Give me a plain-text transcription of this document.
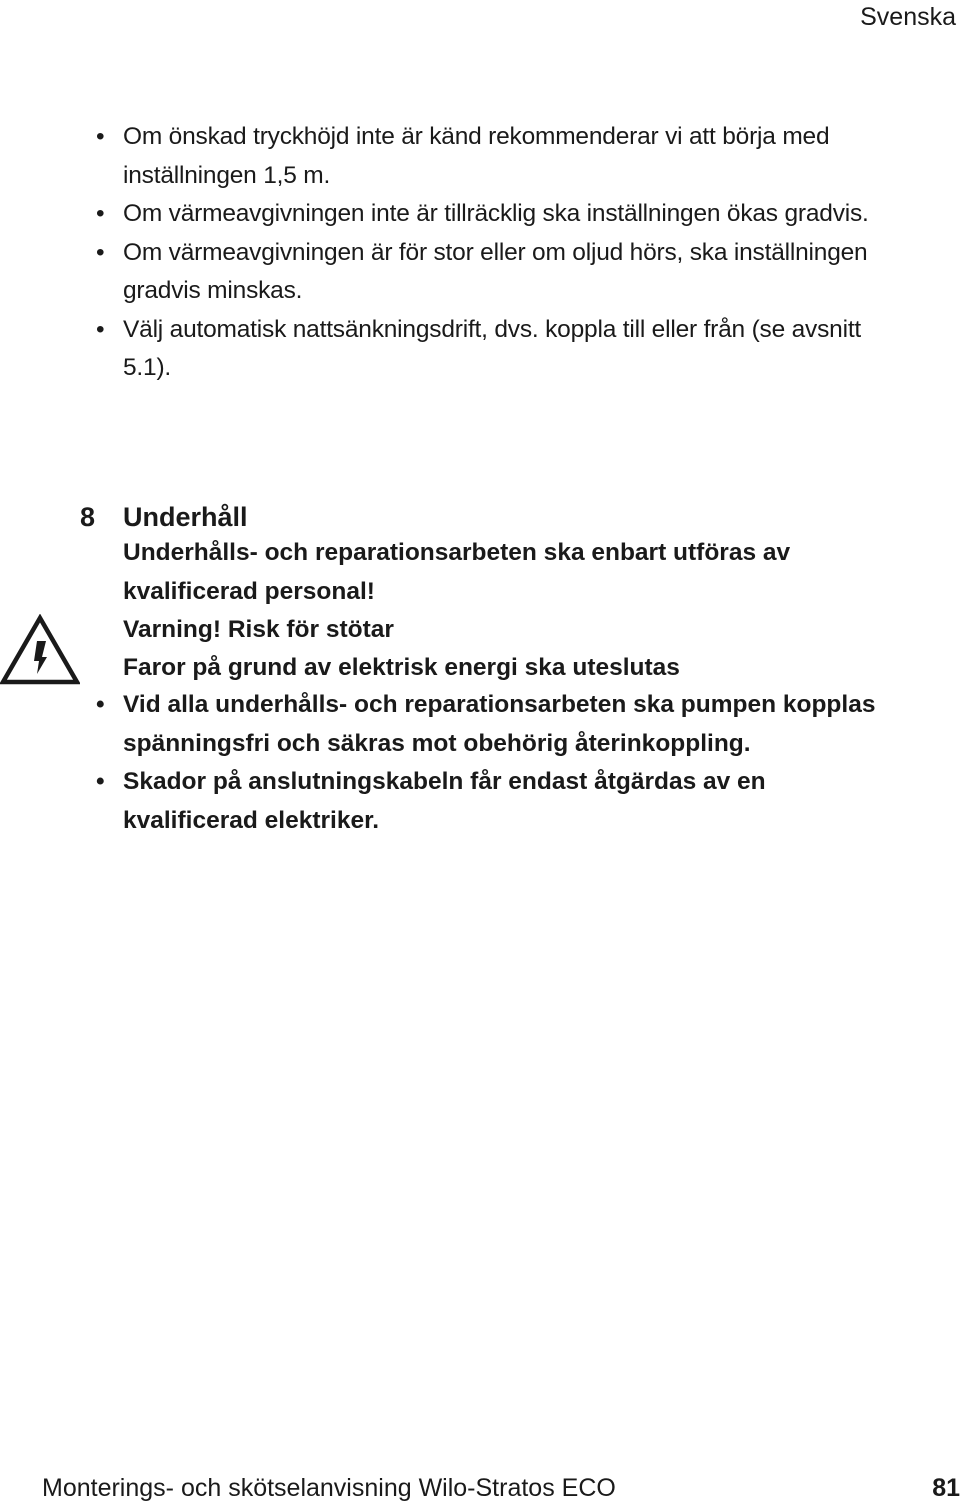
Svenska
• Om önskad tryckhöjd inte är känd rekommenderar vi att börja med inställningen 1,5 m.
• Om värmeavgivningen inte är tillräcklig ska inställningen ökas gradvis.
• Om värmeavgivningen är för stor eller om oljud hörs, ska inställningen gradvis minskas.
• Välj automatisk nattsänkningsdrift, dvs. koppla till eller från (se avsnitt 5.1).
8 Underhåll
Underhålls- och reparationsarbeten ska enbart utföras av kvalificerad personal!
Varning! Risk för stötar
Faror på grund av elektrisk energi ska uteslutas
• Vid alla underhålls- och reparationsarbeten ska pumpen kopplas spänningsfri och säkras mot obehörig återinkoppling.
• Skador på anslutningskabeln får endast åtgärdas av en kvalificerad elektriker.
Monterings- och skötselanvisning Wilo-Stratos ECO	81
